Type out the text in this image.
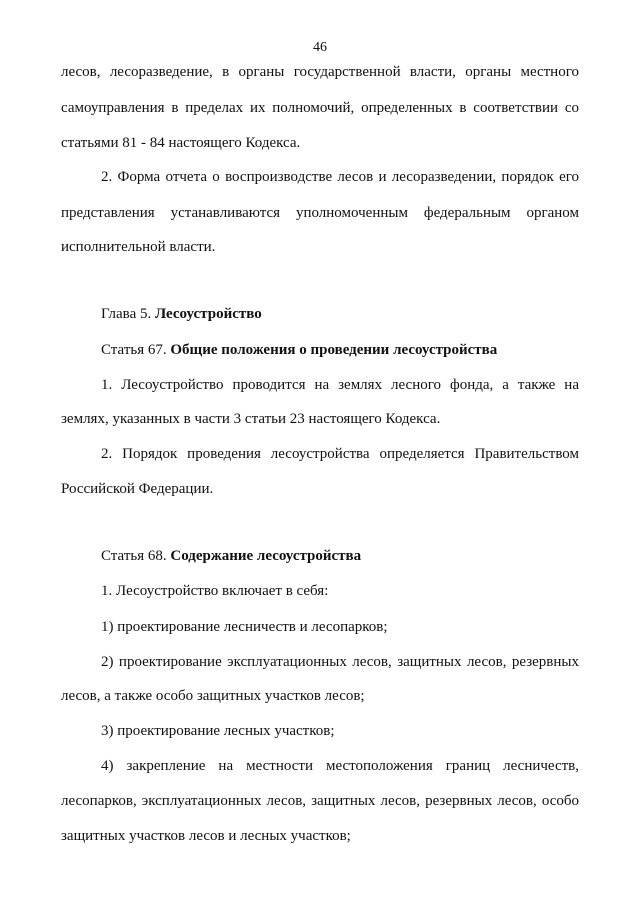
46
лесов, лесоразведение, в органы государственной власти, органы местного
самоуправления в пределах их полномочий, определенных в соответствии со
статьями 81 - 84 настоящего Кодекса.
2. Форма отчета о воспроизводстве лесов и лесоразведении, порядок его
представления устанавливаются уполномоченным федеральным органом
исполнительной власти.
Глава 5. Лесоустройство
Статья 67. Общие положения о проведении лесоустройства
1. Лесоустройство проводится на землях лесного фонда, а также на
землях, указанных в части 3 статьи 23 настоящего Кодекса.
2. Порядок проведения лесоустройства определяется Правительством
Российской Федерации.
Статья 68. Содержание лесоустройства
1. Лесоустройство включает в себя:
1) проектирование лесничеств и лесопарков;
2) проектирование эксплуатационных лесов, защитных лесов, резервных
лесов, а также особо защитных участков лесов;
3) проектирование лесных участков;
4) закрепление на местности местоположения границ лесничеств,
лесопарков, эксплуатационных лесов, защитных лесов, резервных лесов, особо
защитных участков лесов и лесных участков;
